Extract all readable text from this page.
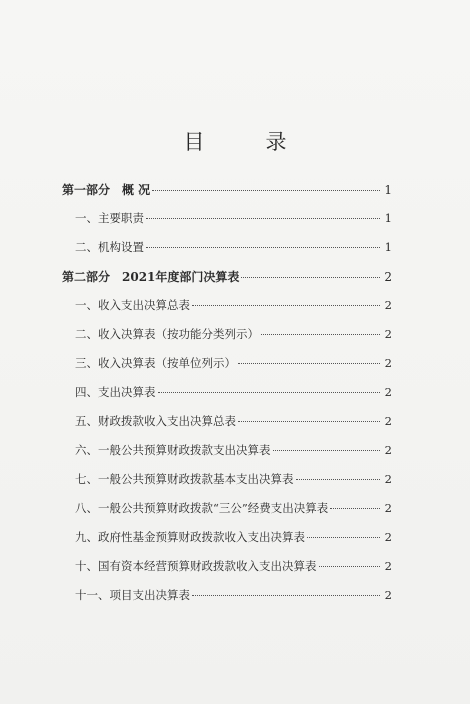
目　录
第一部分　概 况	1
一、主要职责	1
二、机构设置	1
第二部分　2021年度部门决算表	2
一、收入支出决算总表	2
二、收入决算表（按功能分类列示）	2
三、收入决算表（按单位列示）	2
四、支出决算表	2
五、财政拨款收入支出决算总表	2
六、一般公共预算财政拨款支出决算表	2
七、一般公共预算财政拨款基本支出决算表	2
八、一般公共预算财政拨款“三公”经费支出决算表	2
九、政府性基金预算财政拨款收入支出决算表	2
十、国有资本经营预算财政拨款收入支出决算表	2
十一、项目支出决算表	2
